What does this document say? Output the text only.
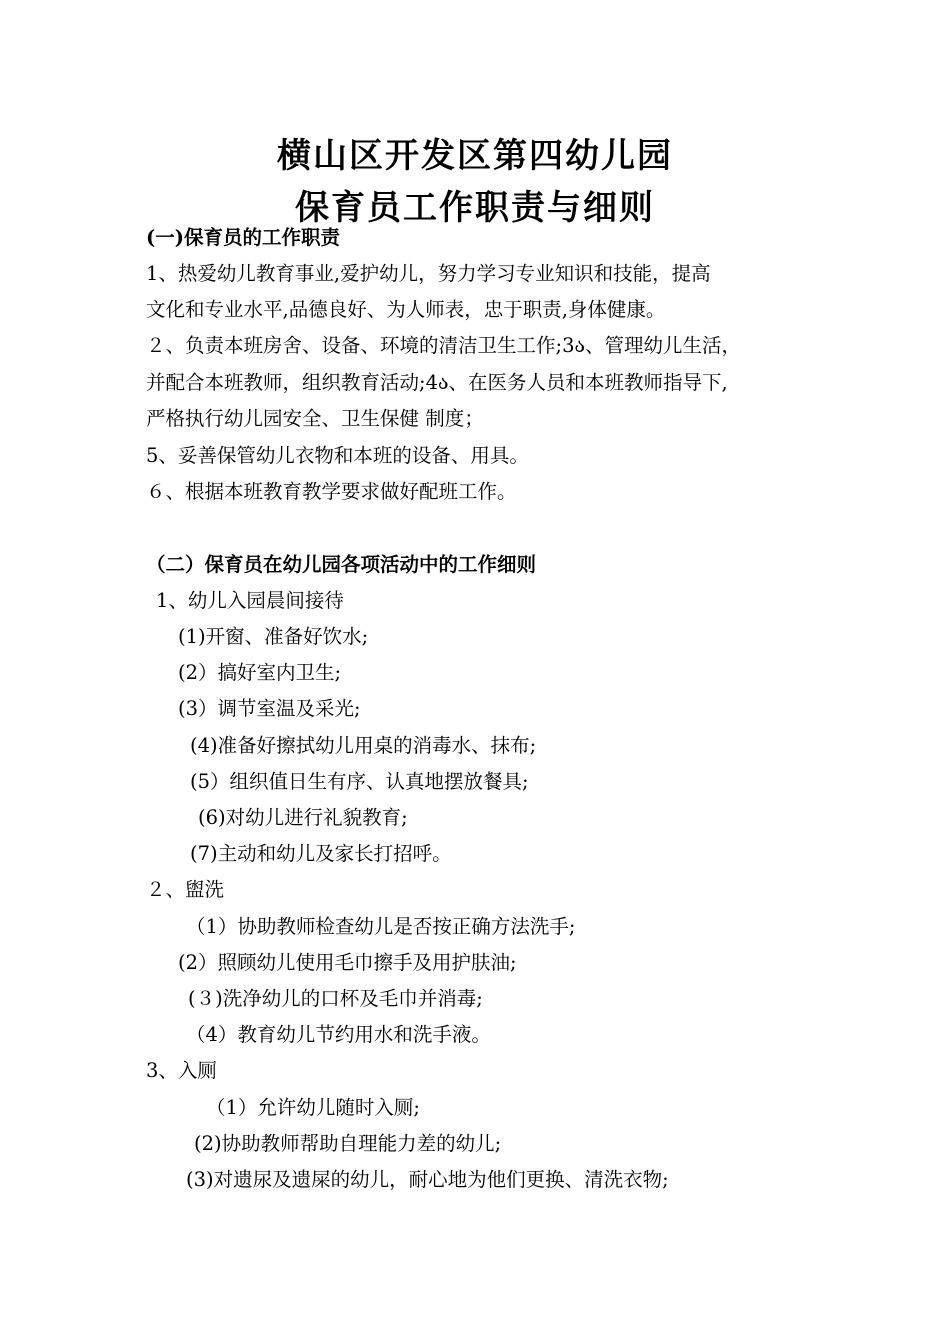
横山区开发区第四幼儿园
保育员工作职责与细则
(一)保育员的工作职责
1、热爱幼儿教育事业,爱护幼儿，努力学习专业知识和技能，提高
文化和专业水平,品德良好、为人师表，忠于职责,身体健康。
２、负责本班房舍、设备、环境的清洁卫生工作;3ა、管理幼儿生活，
并配合本班教师，组织教育活动;4ა、在医务人员和本班教师指导下,
严格执行幼儿园安全、卫生保健 制度；
5、妥善保管幼儿衣物和本班的设备、用具。
６、根据本班教育教学要求做好配班工作。
（二）保育员在幼儿园各项活动中的工作细则
1、幼儿入园晨间接待
(1)开窗、准备好饮水;
(2）搞好室内卫生;
(3）调节室温及采光;
(4)准备好擦拭幼儿用桌的消毒水、抹布;
(5）组织值日生有序、认真地摆放餐具;
(6)对幼儿进行礼貌教育;
(7)主动和幼儿及家长打招呼。
２、盥洗
（1）协助教师检查幼儿是否按正确方法洗手;
(2）照顾幼儿使用毛巾擦手及用护肤油;
(３)洗净幼儿的口杯及毛巾并消毒;
（4）教育幼儿节约用水和洗手液。
3、入厕
（1）允许幼儿随时入厕;
(2)协助教师帮助自理能力差的幼儿;
(3)对遗尿及遗屎的幼儿，耐心地为他们更换、清洗衣物;
